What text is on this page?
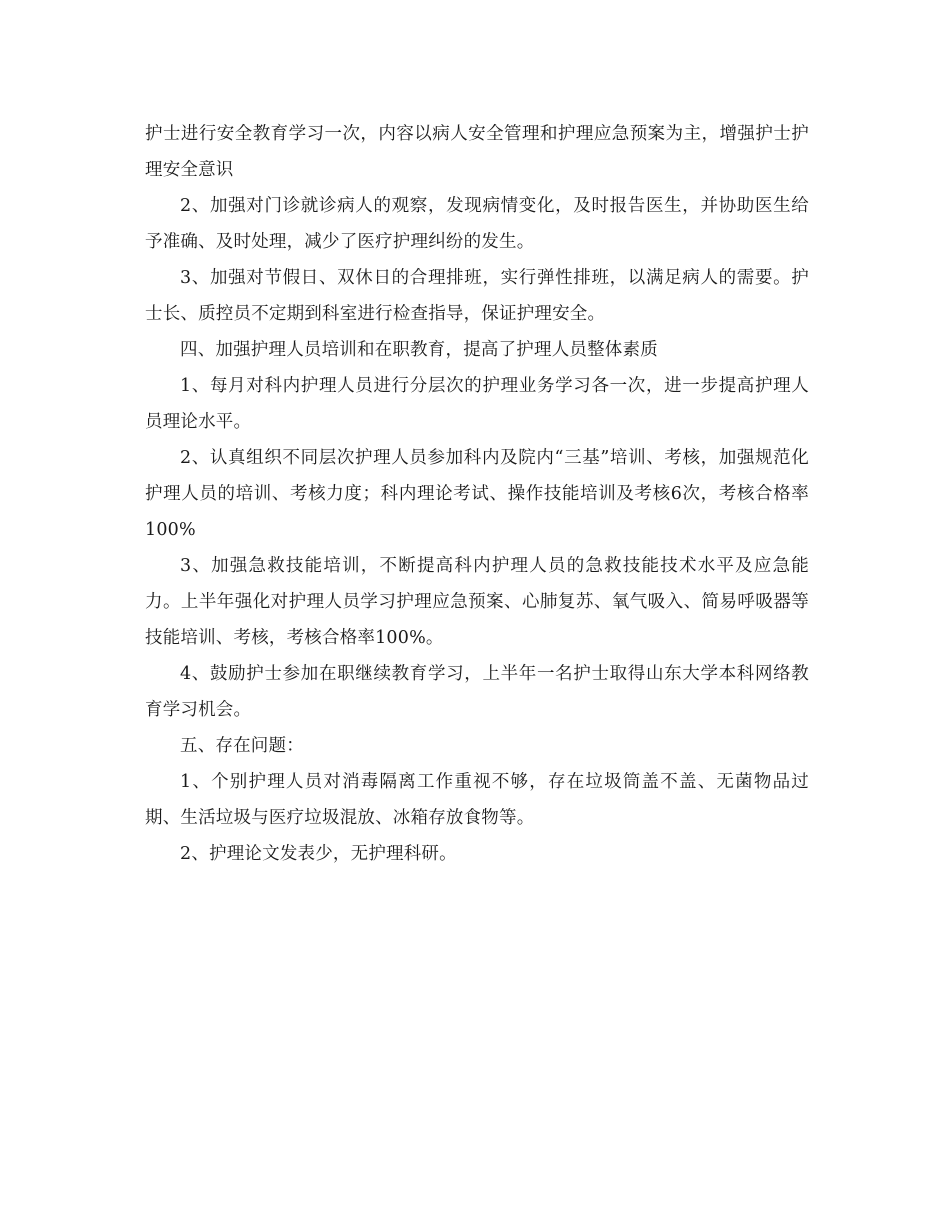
护士进行安全教育学习一次，内容以病人安全管理和护理应急预案为主，增强护士护理安全意识

2、加强对门诊就诊病人的观察，发现病情变化，及时报告医生，并协助医生给予准确、及时处理，减少了医疗护理纠纷的发生。

3、加强对节假日、双休日的合理排班，实行弹性排班，以满足病人的需要。护士长、质控员不定期到科室进行检查指导，保证护理安全。

四、加强护理人员培训和在职教育，提高了护理人员整体素质

1、每月对科内护理人员进行分层次的护理业务学习各一次，进一步提高护理人员理论水平。

2、认真组织不同层次护理人员参加科内及院内“三基”培训、考核，加强规范化护理人员的培训、考核力度；科内理论考试、操作技能培训及考核6次，考核合格率100%

3、加强急救技能培训，不断提高科内护理人员的急救技能技术水平及应急能力。上半年强化对护理人员学习护理应急预案、心肺复苏、氧气吸入、简易呼吸器等技能培训、考核，考核合格率100%。

4、鼓励护士参加在职继续教育学习，上半年一名护士取得山东大学本科网络教育学习机会。

五、存在问题：

1、个别护理人员对消毒隔离工作重视不够，存在垃圾筒盖不盖、无菌物品过期、生活垃圾与医疗垃圾混放、冰箱存放食物等。

2、护理论文发表少，无护理科研。
